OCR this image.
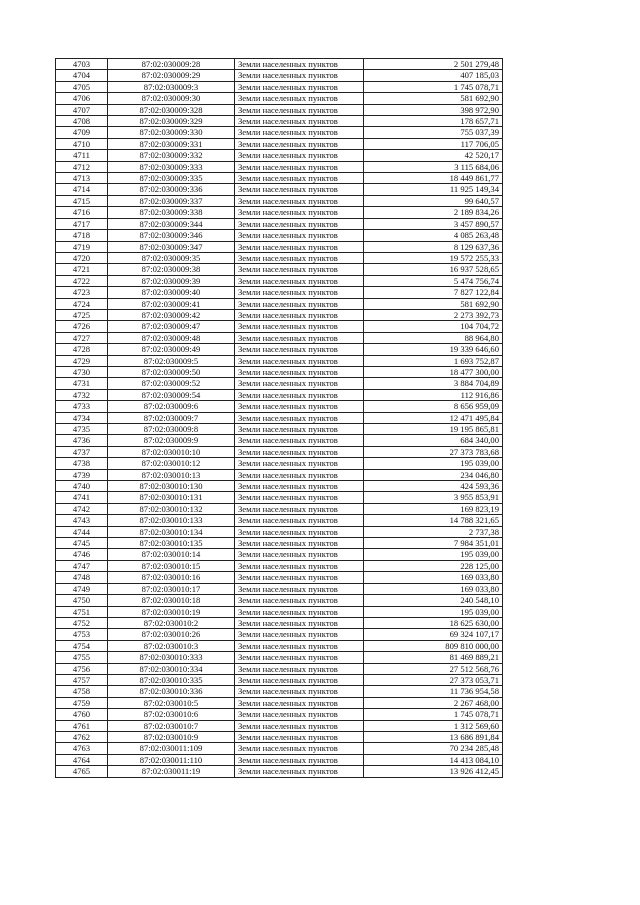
4703	87:02:030009:28	Земли населенных пунктов	2 501 279,48
4704	87:02:030009:29	Земли населенных пунктов	407 185,03
4705	87:02:030009:3	Земли населенных пунктов	1 745 078,71
4706	87:02:030009:30	Земли населенных пунктов	581 692,90
4707	87:02:030009:328	Земли населенных пунктов	398 972,90
4708	87:02:030009:329	Земли населенных пунктов	178 657,71
4709	87:02:030009:330	Земли населенных пунктов	755 037,39
4710	87:02:030009:331	Земли населенных пунктов	117 706,05
4711	87:02:030009:332	Земли населенных пунктов	42 520,17
4712	87:02:030009:333	Земли населенных пунктов	3 115 684,06
4713	87:02:030009:335	Земли населенных пунктов	18 449 861,77
4714	87:02:030009:336	Земли населенных пунктов	11 925 149,34
4715	87:02:030009:337	Земли населенных пунктов	99 640,57
4716	87:02:030009:338	Земли населенных пунктов	2 189 834,26
4717	87:02:030009:344	Земли населенных пунктов	3 457 890,57
4718	87:02:030009:346	Земли населенных пунктов	4 085 263,48
4719	87:02:030009:347	Земли населенных пунктов	8 129 637,36
4720	87:02:030009:35	Земли населенных пунктов	19 572 255,33
4721	87:02:030009:38	Земли населенных пунктов	16 937 528,65
4722	87:02:030009:39	Земли населенных пунктов	5 474 756,74
4723	87:02:030009:40	Земли населенных пунктов	7 827 122,84
4724	87:02:030009:41	Земли населенных пунктов	581 692,90
4725	87:02:030009:42	Земли населенных пунктов	2 273 392,73
4726	87:02:030009:47	Земли населенных пунктов	104 704,72
4727	87:02:030009:48	Земли населенных пунктов	88 964,80
4728	87:02:030009:49	Земли населенных пунктов	19 339 646,60
4729	87:02:030009:5	Земли населенных пунктов	1 693 752,87
4730	87:02:030009:50	Земли населенных пунктов	18 477 300,00
4731	87:02:030009:52	Земли населенных пунктов	3 884 704,89
4732	87:02:030009:54	Земли населенных пунктов	112 916,86
4733	87:02:030009:6	Земли населенных пунктов	8 656 959,09
4734	87:02:030009:7	Земли населенных пунктов	12 471 495,84
4735	87:02:030009:8	Земли населенных пунктов	19 195 865,81
4736	87:02:030009:9	Земли населенных пунктов	684 340,00
4737	87:02:030010:10	Земли населенных пунктов	27 373 783,68
4738	87:02:030010:12	Земли населенных пунктов	195 039,00
4739	87:02:030010:13	Земли населенных пунктов	234 046,80
4740	87:02:030010:130	Земли населенных пунктов	424 593,36
4741	87:02:030010:131	Земли населенных пунктов	3 955 853,91
4742	87:02:030010:132	Земли населенных пунктов	169 823,19
4743	87:02:030010:133	Земли населенных пунктов	14 788 321,65
4744	87:02:030010:134	Земли населенных пунктов	2 737,38
4745	87:02:030010:135	Земли населенных пунктов	7 984 351,01
4746	87:02:030010:14	Земли населенных пунктов	195 039,00
4747	87:02:030010:15	Земли населенных пунктов	228 125,00
4748	87:02:030010:16	Земли населенных пунктов	169 033,80
4749	87:02:030010:17	Земли населенных пунктов	169 033,80
4750	87:02:030010:18	Земли населенных пунктов	240 548,10
4751	87:02:030010:19	Земли населенных пунктов	195 039,00
4752	87:02:030010:2	Земли населенных пунктов	18 625 630,00
4753	87:02:030010:26	Земли населенных пунктов	69 324 107,17
4754	87:02:030010:3	Земли населенных пунктов	809 810 000,00
4755	87:02:030010:333	Земли населенных пунктов	81 469 889,21
4756	87:02:030010:334	Земли населенных пунктов	27 512 568,76
4757	87:02:030010:335	Земли населенных пунктов	27 373 053,71
4758	87:02:030010:336	Земли населенных пунктов	11 736 954,58
4759	87:02:030010:5	Земли населенных пунктов	2 267 468,00
4760	87:02:030010:6	Земли населенных пунктов	1 745 078,71
4761	87:02:030010:7	Земли населенных пунктов	1 312 569,60
4762	87:02:030010:9	Земли населенных пунктов	13 686 891,84
4763	87:02:030011:109	Земли населенных пунктов	70 234 285,48
4764	87:02:030011:110	Земли населенных пунктов	14 413 084,10
4765	87:02:030011:19	Земли населенных пунктов	13 926 412,45
